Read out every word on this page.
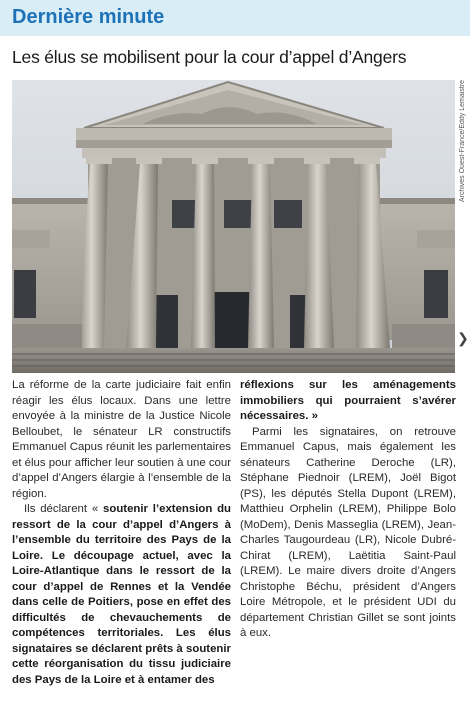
Dernière minute
Les élus se mobilisent pour la cour d’appel d’Angers
Archives Ouest-France/Eddy Lemaistre
❯

La réforme de la carte judiciaire fait enfin réagir les élus locaux. Dans une lettre envoyée à la ministre de la Justice Nicole Belloubet, le sénateur LR constructifs Emmanuel Capus réunit les parlementaires et élus pour afficher leur soutien à une cour d’appel d’Angers élargie à l’ensemble de la région.

Ils déclarent « soutenir l’extension du ressort de la cour d’appel d’Angers à l’ensemble du territoire des Pays de la Loire. Le découpage actuel, avec la Loire-Atlantique dans le ressort de la cour d’appel de Rennes et la Vendée dans celle de Poitiers, pose en effet des difficultés de chevauchements de compétences territoriales. Les élus signataires se déclarent prêts à soutenir cette réorganisation du tissu judiciaire des Pays de la Loire et à entamer des

réflexions sur les aménagements immobiliers qui pourraient s’avérer nécessaires. »

Parmi les signataires, on retrouve Emmanuel Capus, mais également les sénateurs Catherine Deroche (LR), Stéphane Piednoir (LREM), Joël Bigot (PS), les députés Stella Dupont (LREM), Matthieu Orphelin (LREM), Philippe Bolo (MoDem), Denis Masseglia (LREM), Jean-Charles Taugourdeau (LR), Nicole Dubré-Chirat (LREM), Laëtitia Saint-Paul (LREM). Le maire divers droite d’Angers Christophe Béchu, président d’Angers Loire Métropole, et le président UDI du département Christian Gillet se sont joints à eux.
